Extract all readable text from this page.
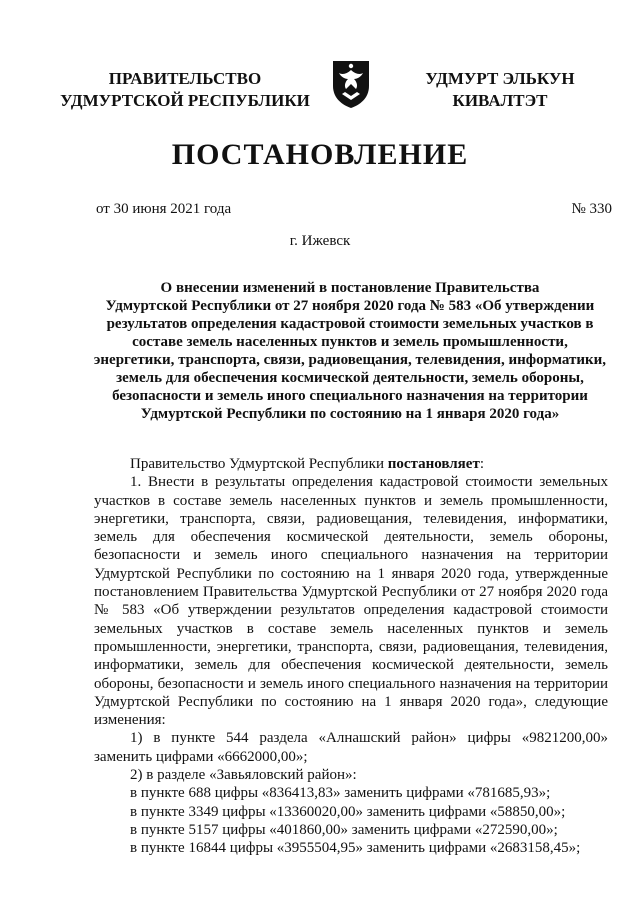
ПРАВИТЕЛЬСТВО
УДМУРТСКОЙ РЕСПУБЛИКИ
УДМУРТ ЭЛЬКУН
КИВАЛТЭТ
ПОСТАНОВЛЕНИЕ
от 30 июня 2021 года	№ 330
г. Ижевск
О внесении изменений в постановление Правительства
Удмуртской Республики от 27 ноября 2020 года № 583 «Об утверждении
результатов определения кадастровой стоимости земельных участков в
составе земель населенных пунктов и земель промышленности,
энергетики, транспорта, связи, радиовещания, телевидения, информатики,
земель для обеспечения космической деятельности, земель обороны,
безопасности и земель иного специального назначения на территории
Удмуртской Республики по состоянию на 1 января 2020 года»

Правительство Удмуртской Республики постановляет:

1. Внести в результаты определения кадастровой стоимости земельных

участков в составе земель населенных пунктов и земель промышленности,

энергетики, транспорта, связи, радиовещания, телевидения, информатики,

земель для обеспечения космической деятельности, земель обороны,

безопасности и земель иного специального назначения на территории

Удмуртской Республики по состоянию на 1 января 2020 года, утвержденные

постановлением Правительства Удмуртской Республики от 27 ноября 2020 года

№ 583 «Об утверждении результатов определения кадастровой стоимости

земельных участков в составе земель населенных пунктов и земель

промышленности, энергетики, транспорта, связи, радиовещания, телевидения,

информатики, земель для обеспечения космической деятельности, земель

обороны, безопасности и земель иного специального назначения на территории

Удмуртской Республики по состоянию на 1 января 2020 года», следующие

изменения:

1) в пункте 544 раздела «Алнашский район» цифры «9821200,00»

заменить цифрами «6662000,00»;

2) в разделе «Завьяловский район»:

в пункте 688 цифры «836413,83» заменить цифрами «781685,93»;

в пункте 3349 цифры «13360020,00» заменить цифрами «58850,00»;

в пункте 5157 цифры «401860,00» заменить цифрами «272590,00»;

в пункте 16844 цифры «3955504,95» заменить цифрами «2683158,45»;
